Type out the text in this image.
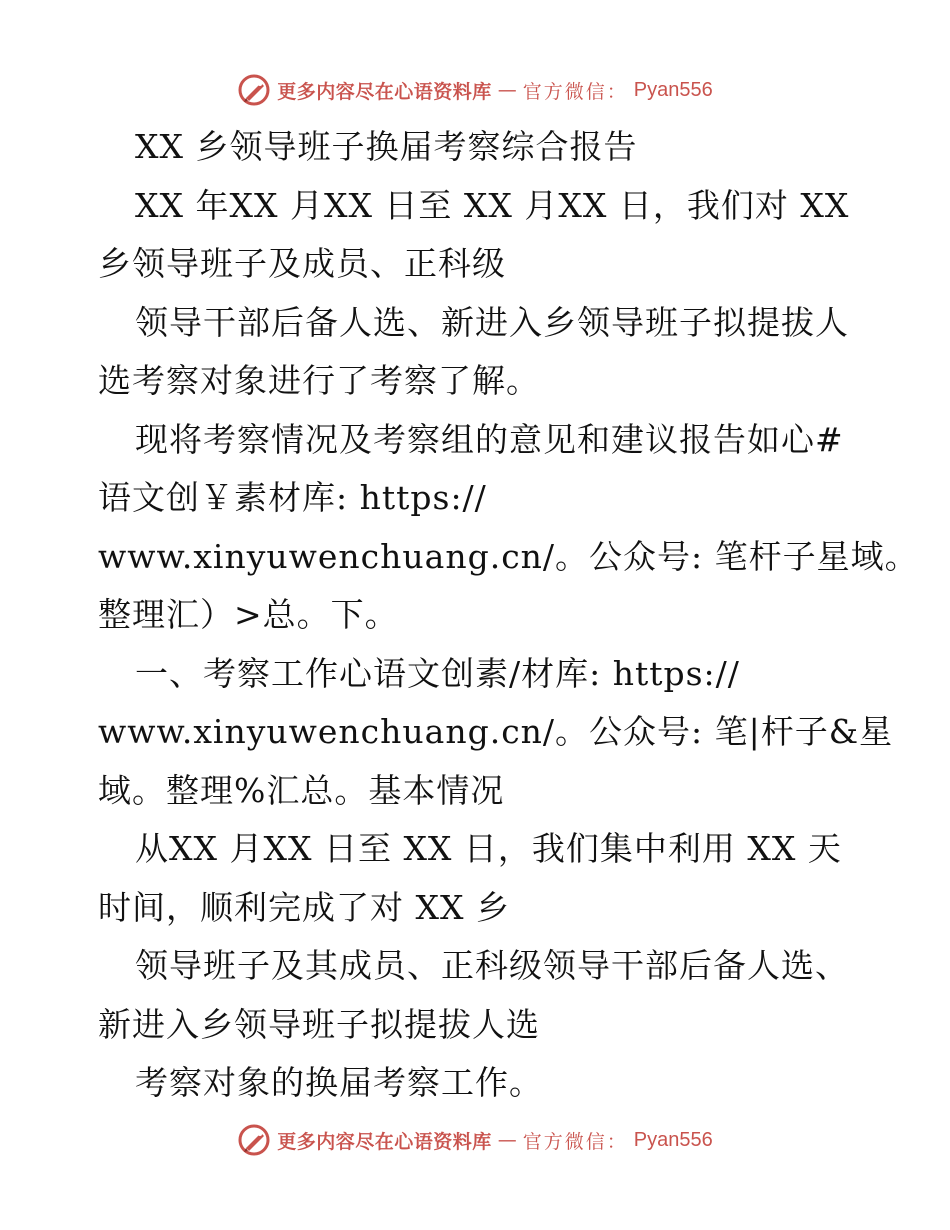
更多内容尽在心语资料库 — 官方微信： Pyan556
XX 乡领导班子换届考察综合报告
XX 年XX 月XX 日至 XX 月XX 日，我们对 XX
乡领导班子及成员、正科级
领导干部后备人选、新进入乡领导班子拟提拔人
选考察对象进行了考察了解。
现将考察情况及考察组的意见和建议报告如心#
语文创￥素材库: https://
www.xinyuwenchuang.cn/。公众号: 笔杆子星域。
整理汇）>总。下。
一、考察工作心语文创素/材库: https://
www.xinyuwenchuang.cn/。公众号: 笔|杆子&星
域。整理%汇总。基本情况
从XX 月XX 日至 XX 日，我们集中利用 XX 天
时间，顺利完成了对 XX 乡
领导班子及其成员、正科级领导干部后备人选、
新进入乡领导班子拟提拔人选
考察对象的换届考察工作。
更多内容尽在心语资料库 — 官方微信： Pyan556
